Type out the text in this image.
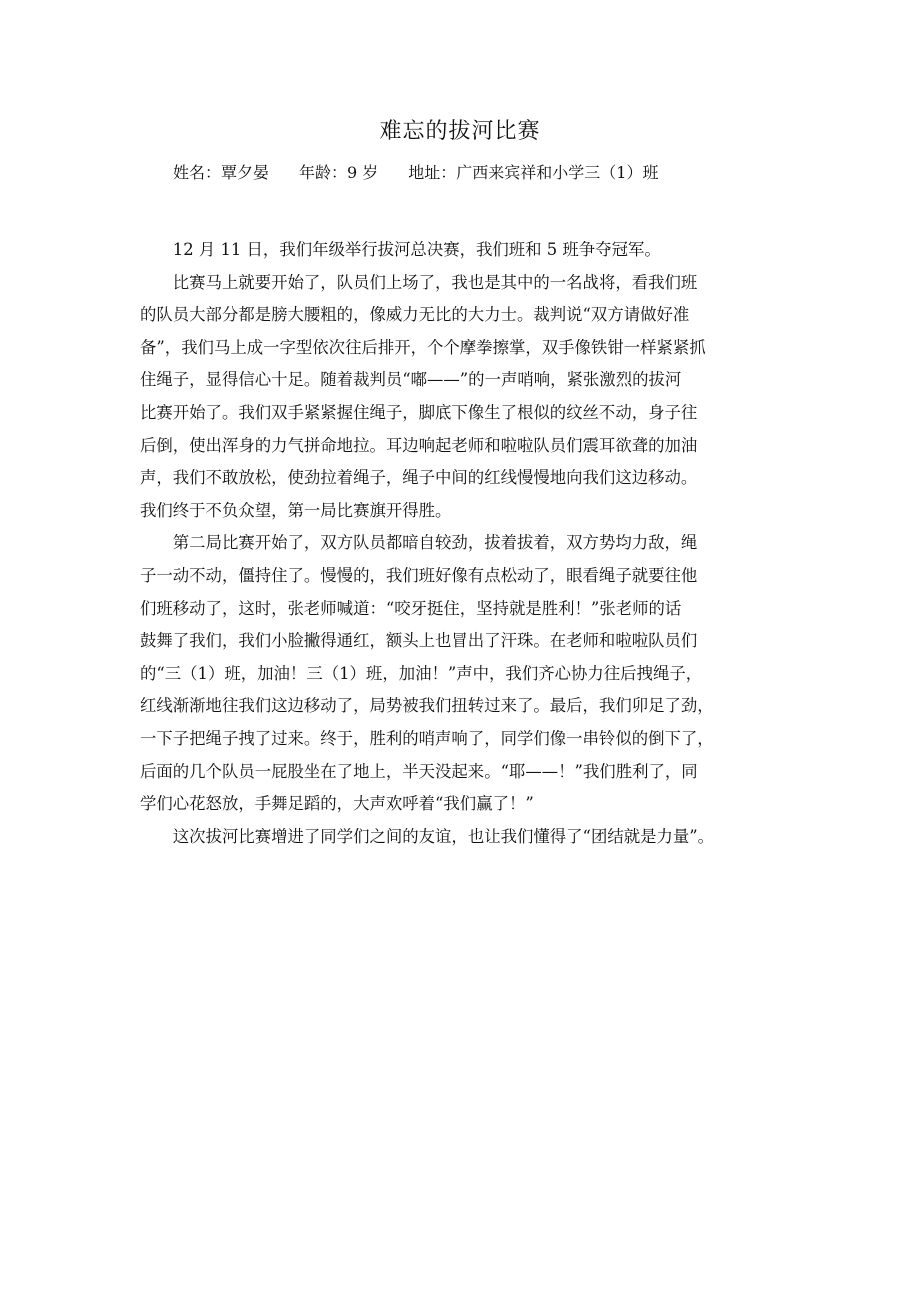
难忘的拔河比赛
姓名：覃夕晏 年龄：9 岁 地址：广西来宾祥和小学三（1）班

12 月 11 日，我们年级举行拔河总决赛，我们班和 5 班争夺冠军。

比赛马上就要开始了，队员们上场了，我也是其中的一名战将，看我们班
的队员大部分都是膀大腰粗的，像威力无比的大力士。裁判说“双方请做好准
备”，我们马上成一字型依次往后排开，个个摩拳擦掌，双手像铁钳一样紧紧抓
住绳子，显得信心十足。随着裁判员“嘟——”的一声哨响，紧张激烈的拔河
比赛开始了。我们双手紧紧握住绳子，脚底下像生了根似的纹丝不动，身子往
后倒，使出浑身的力气拼命地拉。耳边响起老师和啦啦队员们震耳欲聋的加油
声，我们不敢放松，使劲拉着绳子，绳子中间的红线慢慢地向我们这边移动。
我们终于不负众望，第一局比赛旗开得胜。

第二局比赛开始了，双方队员都暗自较劲，拔着拔着，双方势均力敌，绳
子一动不动，僵持住了。慢慢的，我们班好像有点松动了，眼看绳子就要往他
们班移动了，这时，张老师喊道：“咬牙挺住，坚持就是胜利！”张老师的话
鼓舞了我们，我们小脸撇得通红，额头上也冒出了汗珠。在老师和啦啦队员们
的“三（1）班，加油！三（1）班，加油！”声中，我们齐心协力往后拽绳子，
红线渐渐地往我们这边移动了，局势被我们扭转过来了。最后，我们卯足了劲，
一下子把绳子拽了过来。终于，胜利的哨声响了，同学们像一串铃似的倒下了，
后面的几个队员一屁股坐在了地上，半天没起来。“耶——！”我们胜利了，同
学们心花怒放，手舞足蹈的，大声欢呼着“我们赢了！”

这次拔河比赛增进了同学们之间的友谊，也让我们懂得了“团结就是力量”。
